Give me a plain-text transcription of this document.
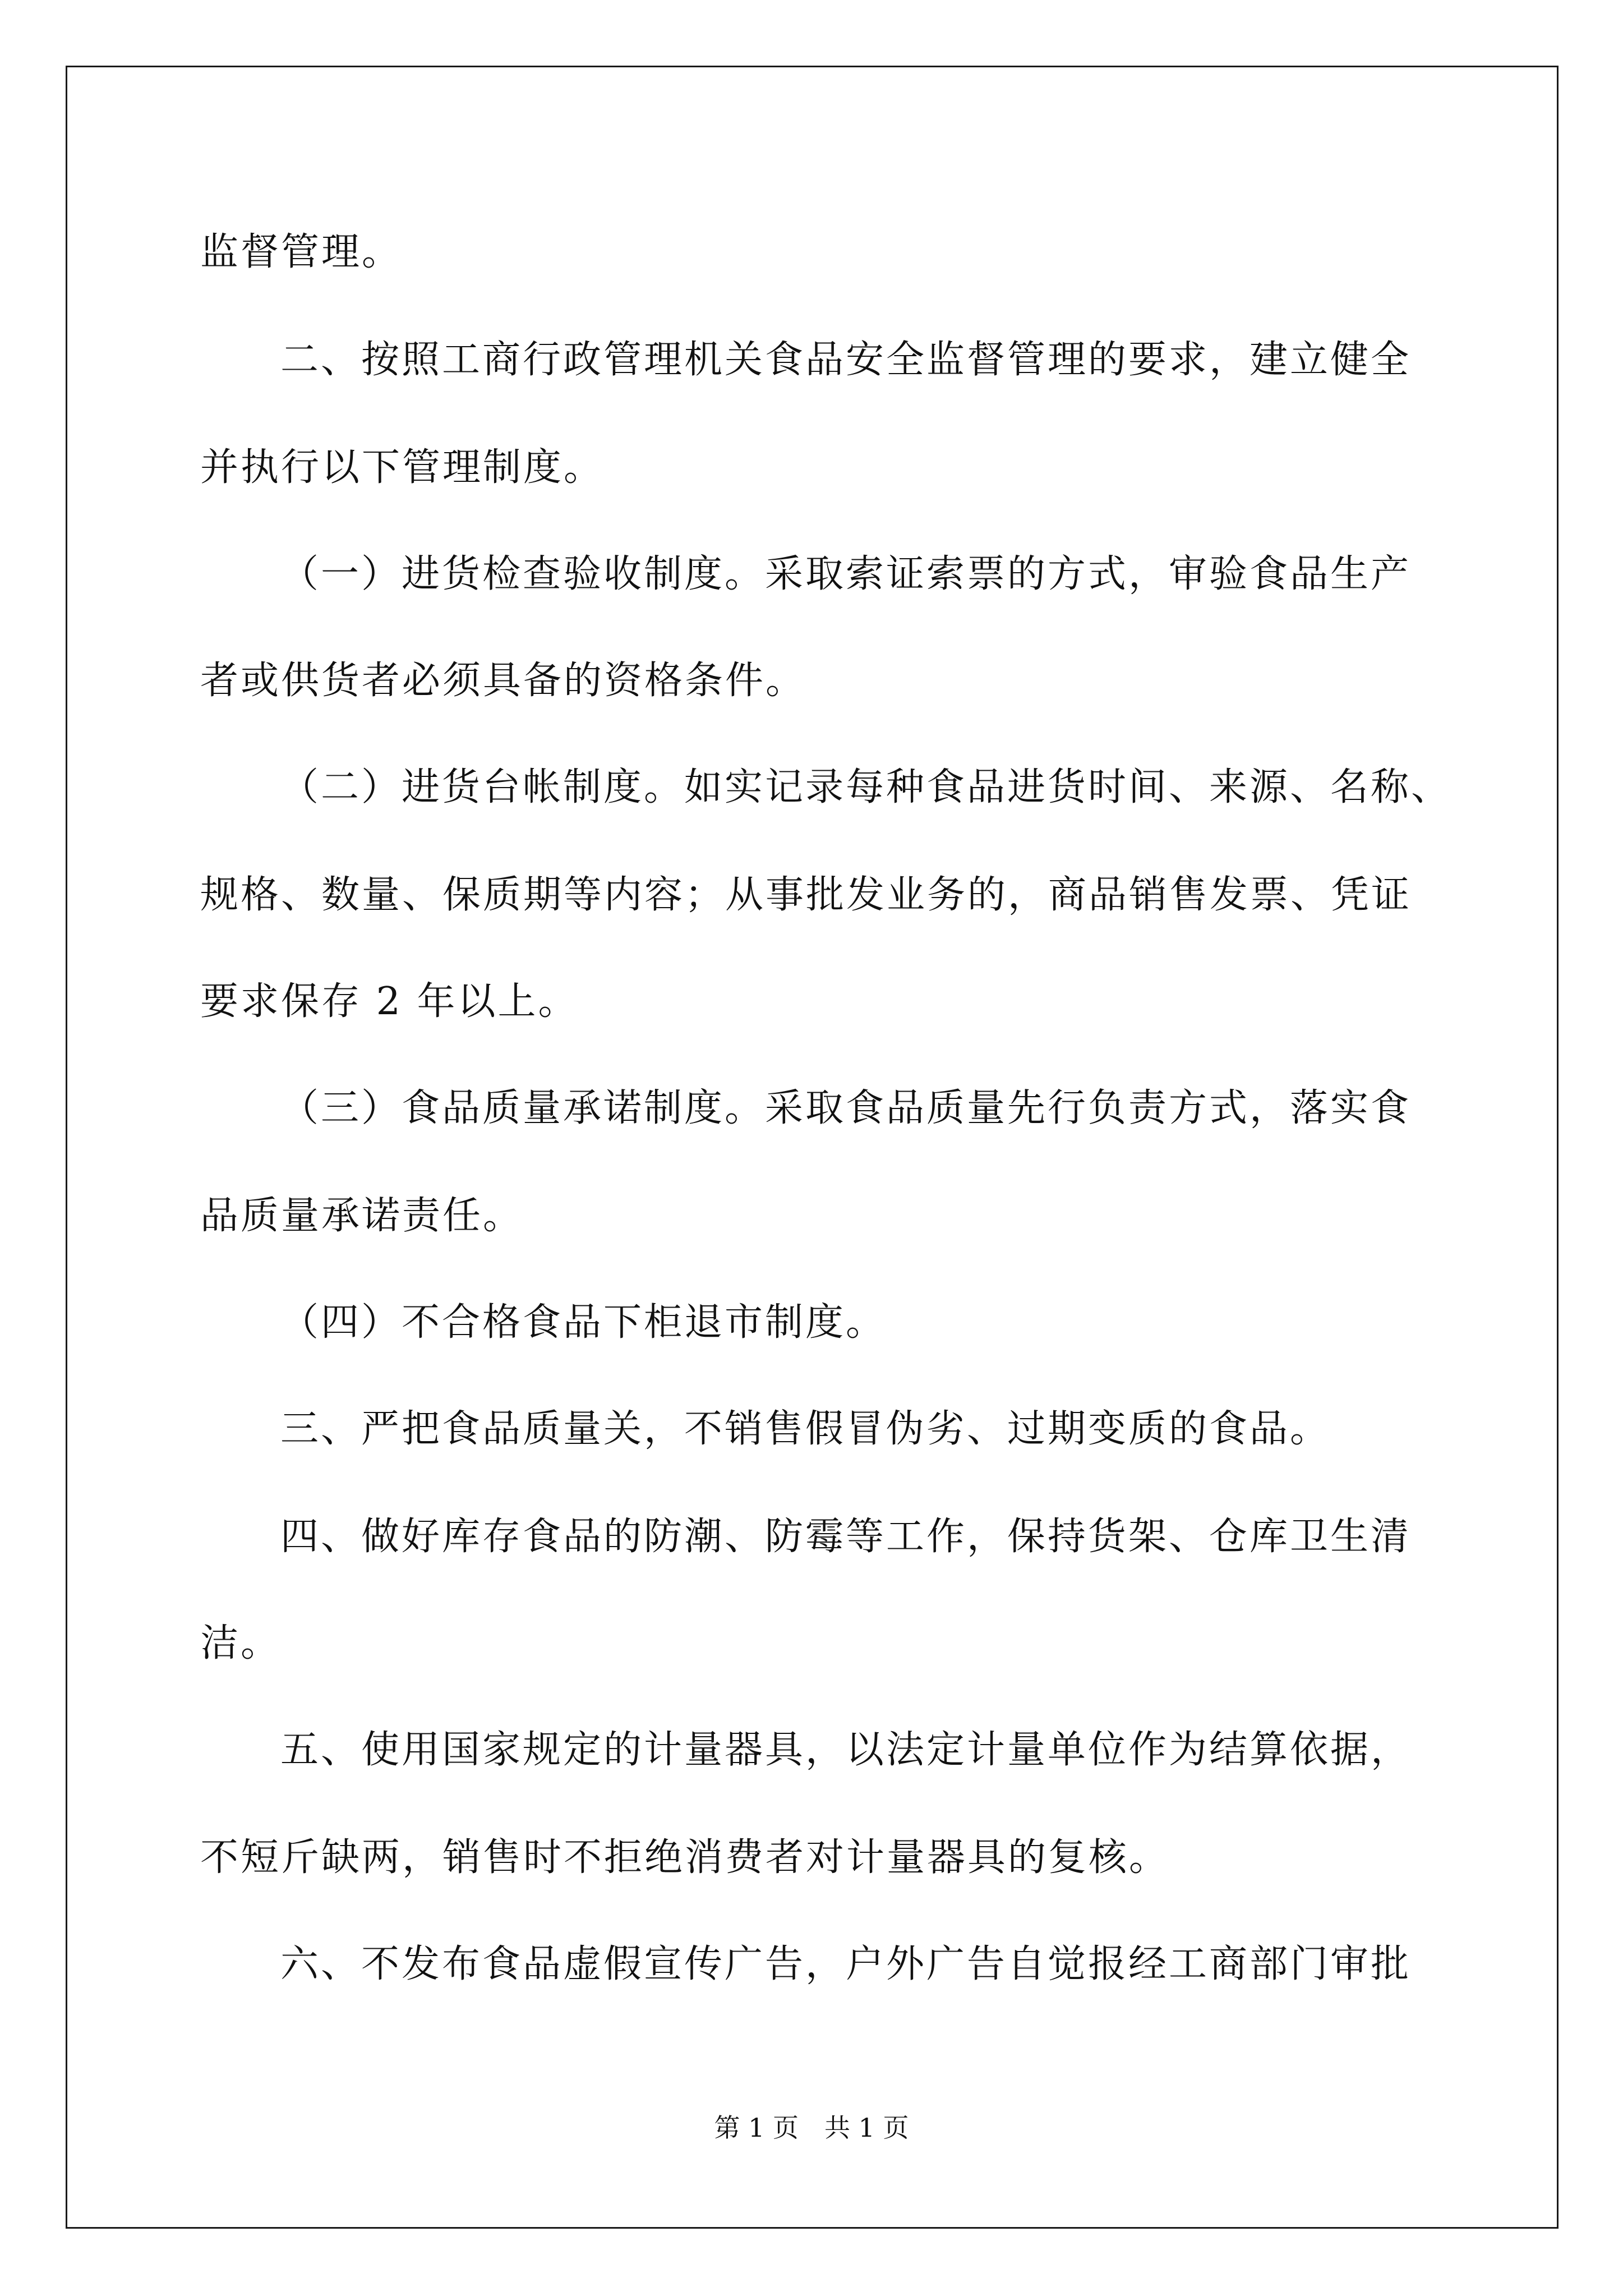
监督管理。

二、按照工商行政管理机关食品安全监督管理的要求，建立健全

并执行以下管理制度。

（一）进货检查验收制度。采取索证索票的方式，审验食品生产

者或供货者必须具备的资格条件。

（二）进货台帐制度。如实记录每种食品进货时间、来源、名称、

规格、数量、保质期等内容；从事批发业务的，商品销售发票、凭证

要求保存 2 年以上。

（三）食品质量承诺制度。采取食品质量先行负责方式，落实食

品质量承诺责任。

（四）不合格食品下柜退市制度。

三、严把食品质量关，不销售假冒伪劣、过期变质的食品。

四、做好库存食品的防潮、防霉等工作，保持货架、仓库卫生清

洁。

五、使用国家规定的计量器具，以法定计量单位作为结算依据，

不短斤缺两，销售时不拒绝消费者对计量器具的复核。

六、不发布食品虚假宣传广告，户外广告自觉报经工商部门审批

第 1 页　共 1 页
